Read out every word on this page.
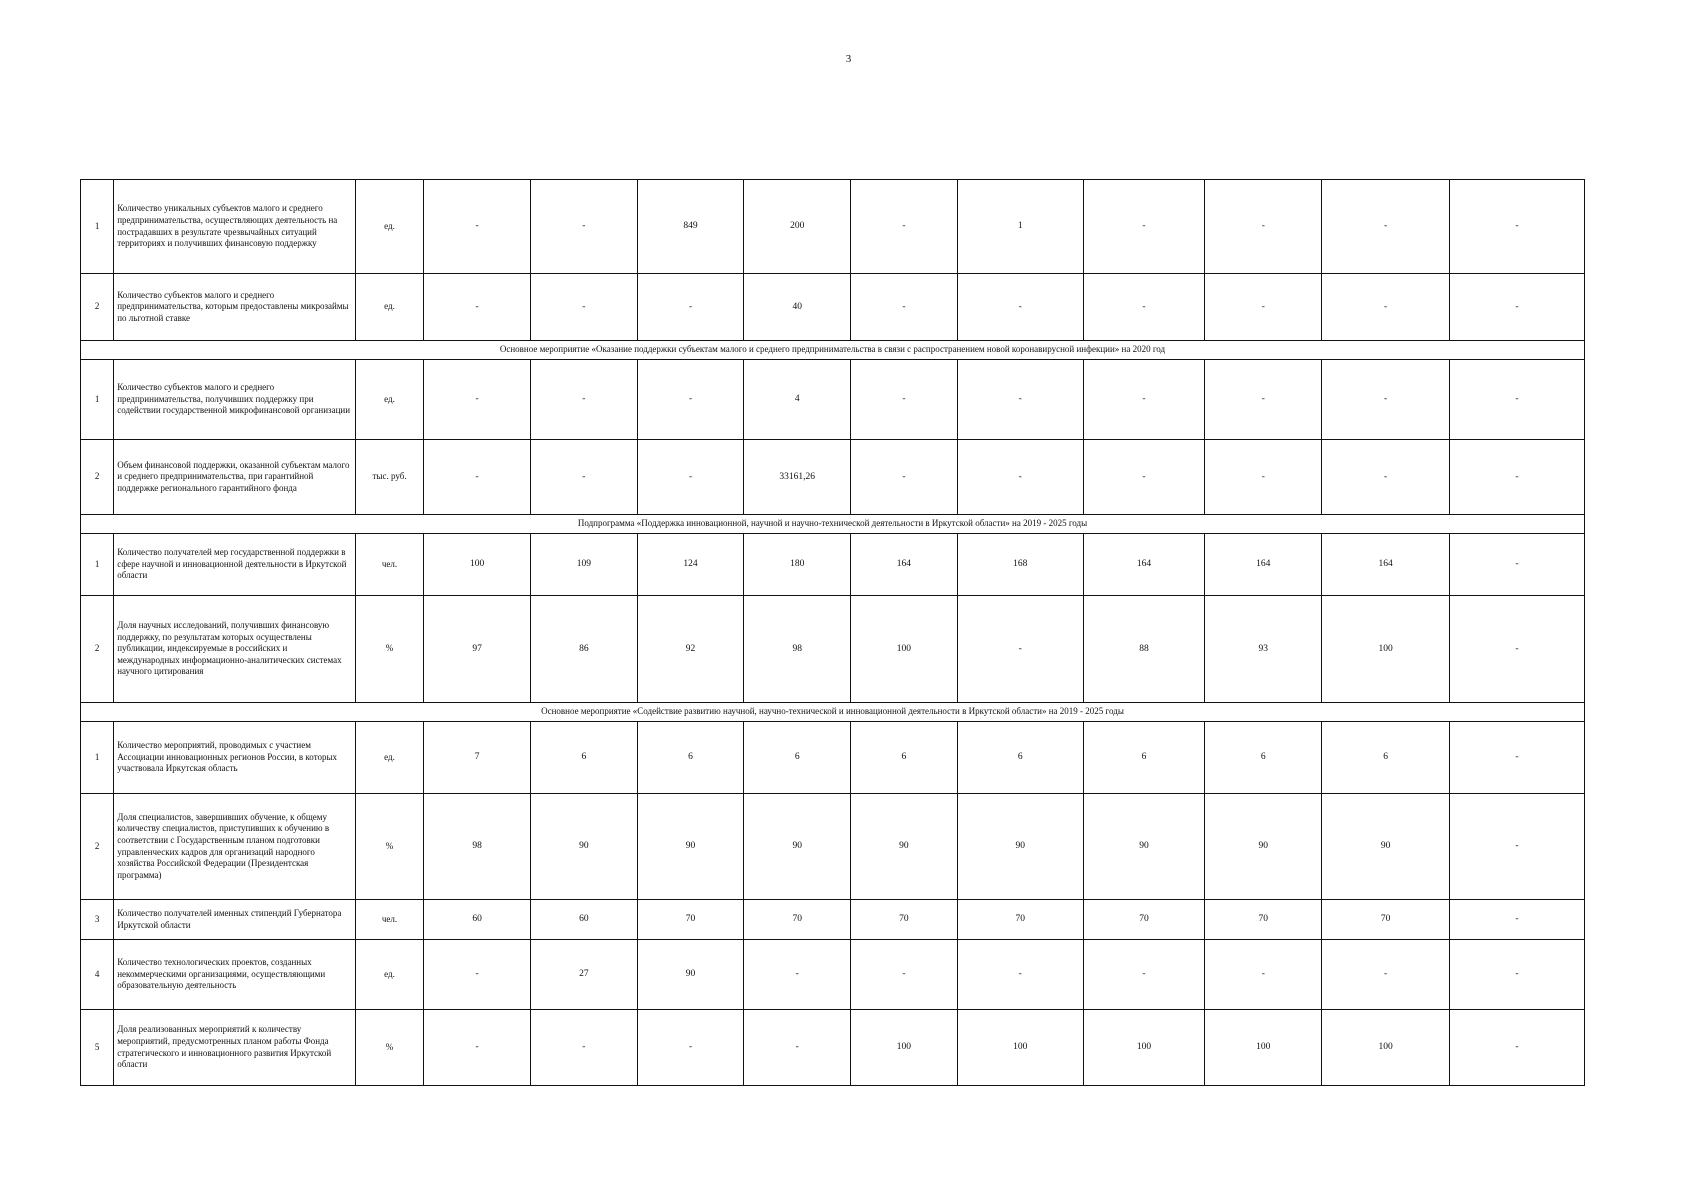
3
1	Количество уникальных субъектов малого и среднего предпринимательства, осуществляющих деятельность на пострадавших в результате чрезвычайных ситуаций территориях и получивших финансовую поддержку	ед.	-	-	849	200	-	1	-	-	-	-
2	Количество субъектов малого и среднего предпринимательства, которым предоставлены микрозаймы по льготной ставке	ед.	-	-	-	40	-	-	-	-	-	-
Основное мероприятие «Оказание поддержки субъектам малого и среднего предпринимательства в связи с распространением новой коронавирусной инфекции» на 2020 год												
1	Количество субъектов малого и среднего предпринимательства, получивших поддержку при содействии государственной микрофинансовой организации	ед.	-	-	-	4	-	-	-	-	-	-
2	Объем финансовой поддержки, оказанной субъектам малого и среднего предпринимательства, при гарантийной поддержке регионального гарантийного фонда	тыс. руб.	-	-	-	33161,26	-	-	-	-	-	-
Подпрограмма «Поддержка инновационной, научной и научно-технической деятельности в Иркутской области» на 2019 - 2025 годы												
1	Количество получателей мер государственной поддержки в сфере научной и инновационной деятельности в Иркутской области	чел.	100	109	124	180	164	168	164	164	164	-
2	Доля научных исследований, получивших финансовую поддержку, по результатам которых осуществлены публикации, индексируемые в российских и международных информационно-аналитических системах научного цитирования	%	97	86	92	98	100	-	88	93	100	-
Основное мероприятие «Содействие развитию научной, научно-технической и инновационной деятельности в Иркутской области» на 2019 - 2025 годы												
1	Количество мероприятий, проводимых с участием Ассоциации инновационных регионов России, в которых участвовала Иркутская область	ед.	7	6	6	6	6	6	6	6	6	-
2	Доля специалистов, завершивших обучение, к общему количеству специалистов, приступивших к обучению в соответствии с Государственным планом подготовки управленческих кадров для организаций народного хозяйства Российской Федерации (Президентская программа)	%	98	90	90	90	90	90	90	90	90	-
3	Количество получателей именных стипендий Губернатора Иркутской области	чел.	60	60	70	70	70	70	70	70	70	-
4	Количество технологических проектов, созданных некоммерческими организациями, осуществляющими образовательную деятельность	ед.	-	27	90	-	-	-	-	-	-	-
5	Доля реализованных мероприятий к количеству мероприятий, предусмотренных планом работы Фонда стратегического и инновационного развития Иркутской области	%	-	-	-	-	100	100	100	100	100	-
